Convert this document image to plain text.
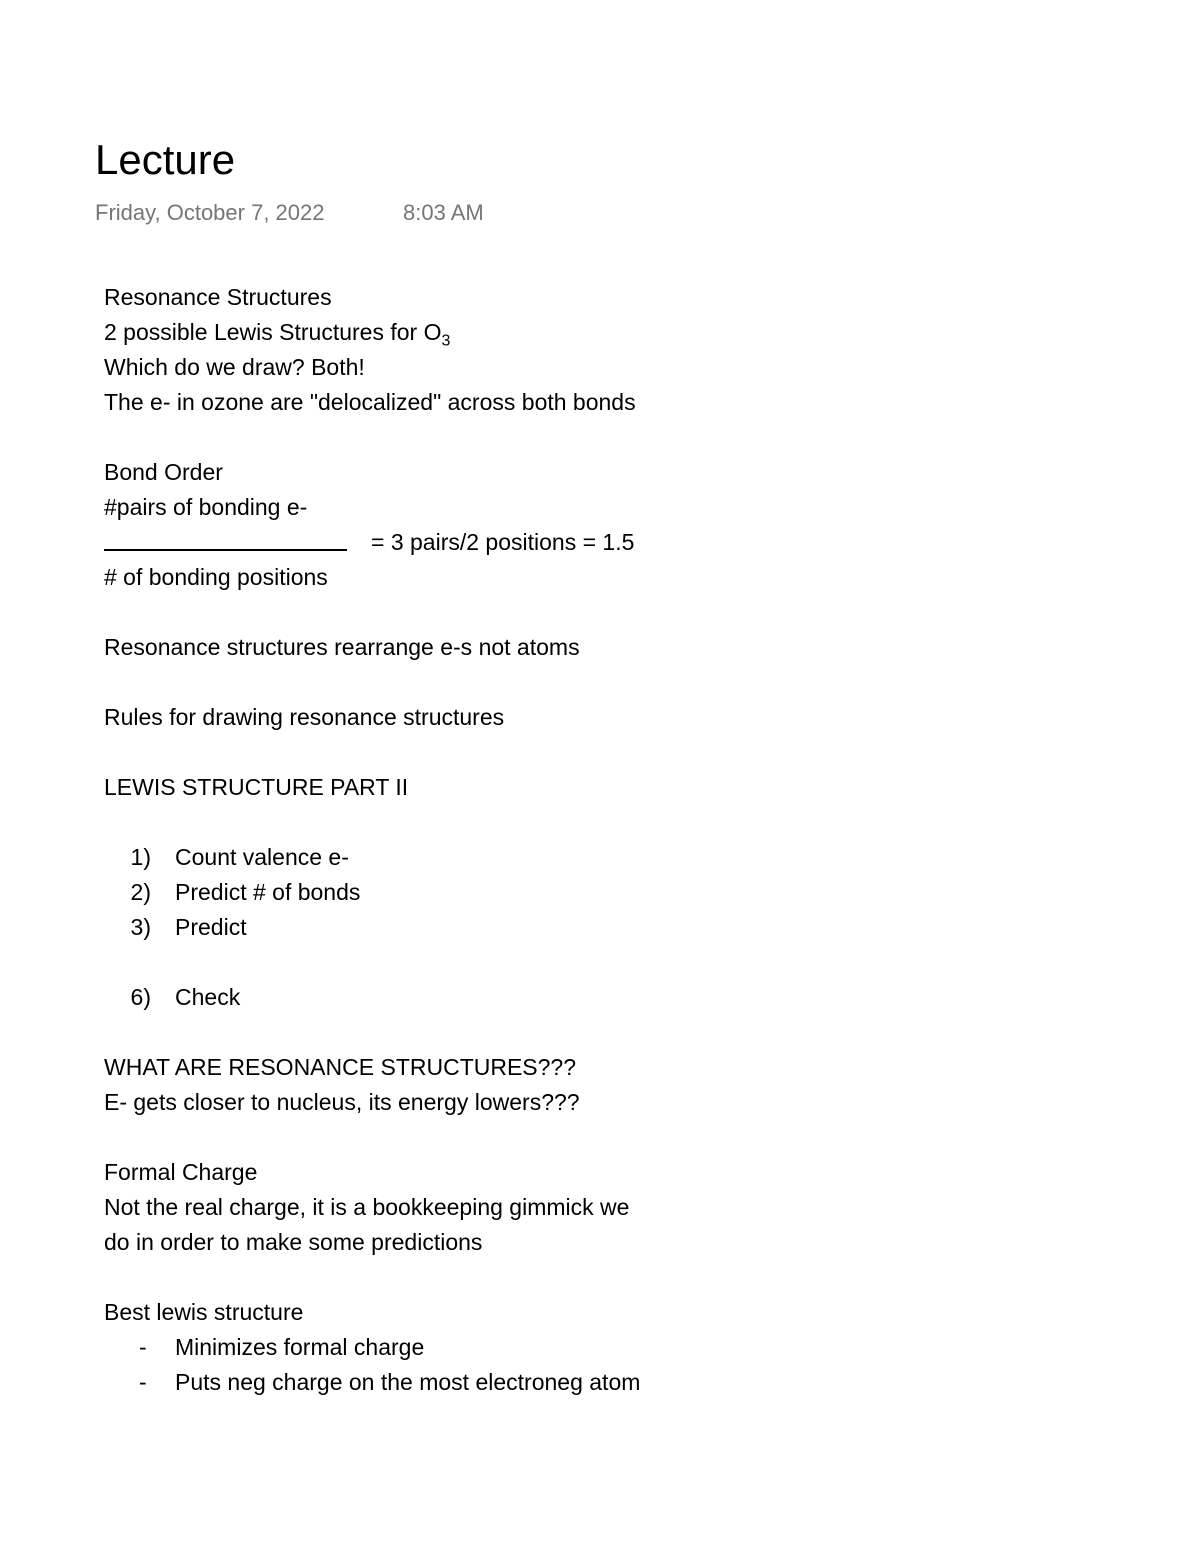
Lecture
Friday, October 7, 2022	8:03 AM
Resonance Structures
2 possible Lewis Structures for $O_3$
Which do we draw? Both!
The e- in ozone are "delocalized" across both bonds
Bond Order
#pairs of bonding e-
= 3 pairs/2 positions = 1.5
# of bonding positions
Resonance structures rearrange e-s not atoms
Rules for drawing resonance structures
LEWIS STRUCTURE PART II
1)	Count valence e-
2)	Predict # of bonds
3)	Predict
6)	Check
WHAT ARE RESONANCE STRUCTURES???
E- gets closer to nucleus, its energy lowers???
Formal Charge
Not the real charge, it is a bookkeeping gimmick we
do in order to make some predictions
Best lewis structure
-	Minimizes formal charge
-	Puts neg charge on the most electroneg atom
